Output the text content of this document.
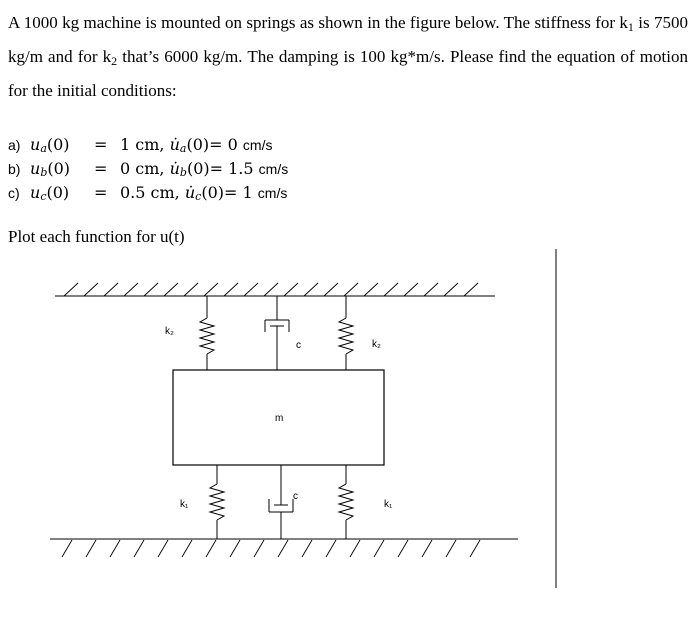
A 1000 kg machine is mounted on springs as shown in the figure below. The stiffness for $k_1$ is 7500 kg/m and for $k_2$ that’s 6000 kg/m. The damping is 100 kg*m/s. Please find the equation of motion for the initial conditions:

a) ua(0) = 1 cm, u̇a(0)= 0 cm/s
b) ub(0) = 0 cm, u̇b(0)= 1.5 cm/s
c) uc(0) = 0.5 cm, u̇c(0)= 1 cm/s
Plot each function for u(t)
m
k₂
k₂
c
k₁	k₁
c
